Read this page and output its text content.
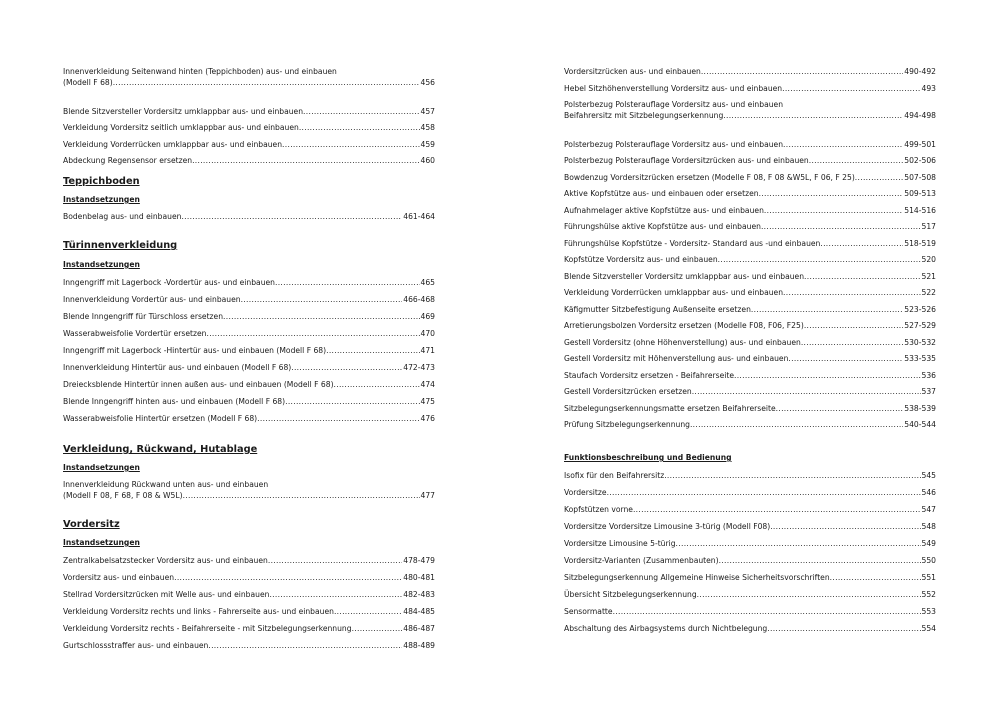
Innenverkleidung Seitenwand hinten (Teppichboden) aus- und einbauen
(Modell F 68) .....	456
Blende Sitzversteller Vordersitz umklappbar aus- und einbauen .....	457
Verkleidung Vordersitz seitlich umklappbar aus- und einbauen .....	458
Verkleidung Vorderrücken umklappbar aus- und einbauen .....	459
Abdeckung Regensensor ersetzen .....	460
Teppichboden
Instandsetzungen
Bodenbelag aus- und einbauen .....	461-464
Türinnenverkleidung
Instandsetzungen
Inngengriff mit Lagerbock -Vordertür aus- und einbauen .....	465
Innenverkleidung Vordertür aus- und einbauen .....	466-468
Blende Inngengriff für Türschloss ersetzen .....	469
Wasserabweisfolie Vordertür ersetzen .....	470
Inngengriff mit Lagerbock -Hintertür aus- und einbauen (Modell F 68) .....	471
Innenverkleidung Hintertür aus- und einbauen (Modell F 68) .....	472-473
Dreiecksblende Hintertür innen außen aus- und einbauen (Modell F 68) .....	474
Blende Inngengriff hinten aus- und einbauen (Modell F 68) .....	475
Wasserabweisfolie Hintertür ersetzen (Modell F 68) .....	476
Verkleidung, Rückwand, Hutablage
Instandsetzungen
Innenverkleidung Rückwand unten aus- und einbauen
(Modell F 08, F 68, F 08 & W5L) .....	477
Vordersitz
Instandsetzungen
Zentralkabelsatzstecker Vordersitz aus- und einbauen .....	478-479
Vordersitz aus- und einbauen .....	480-481
Stellrad Vordersitzrücken mit Welle aus- und einbauen .....	482-483
Verkleidung Vordersitz rechts und links - Fahrerseite aus- und einbauen .....	484-485
Verkleidung Vordersitz rechts - Beifahrerseite - mit Sitzbelegungserkennung .....	486-487
Gurtschlossstraffer aus- und einbauen .....	488-489
Vordersitzrücken aus- und einbauen .....	490-492
Hebel Sitzhöhenverstellung Vordersitz aus- und einbauen .....	493
Polsterbezug Polsterauflage Vordersitz aus- und einbauen
Beifahrersitz mit Sitzbelegungserkennung .....	494-498
Polsterbezug Polsterauflage Vordersitz aus- und einbauen .....	499-501
Polsterbezug Polsterauflage Vordersitzrücken aus- und einbauen .....	502-506
Bowdenzug Vordersitzrücken ersetzen (Modelle F 08, F 08 &W5L, F 06, F 25) .....	507-508
Aktive Kopfstütze aus- und einbauen oder ersetzen .....	509-513
Aufnahmelager aktive Kopfstütze aus- und einbauen .....	514-516
Führungshülse aktive Kopfstütze aus- und einbauen .....	517
Führungshülse Kopfstütze - Vordersitz- Standard aus -und einbauen .....	518-519
Kopfstütze Vordersitz aus- und einbauen .....	520
Blende Sitzversteller Vordersitz umklappbar aus- und einbauen .....	521
Verkleidung Vorderrücken umklappbar aus- und einbauen .....	522
Käfigmutter Sitzbefestigung Außenseite ersetzen .....	523-526
Arretierungsbolzen Vordersitz ersetzen (Modelle F08, F06, F25) .....	527-529
Gestell Vordersitz (ohne Höhenverstellung) aus- und einbauen .....	530-532
Gestell Vordersitz mit Höhenverstellung aus- und einbauen .....	533-535
Staufach Vordersitz ersetzen - Beifahrerseite .....	536
Gestell Vordersitzrücken ersetzen .....	537
Sitzbelegungserkennungsmatte ersetzen Beifahrerseite .....	538-539
Prüfung Sitzbelegungserkennung .....	540-544
Funktionsbeschreibung und Bedienung
Isofix für den Beifahrersitz .....	545
Vordersitze .....	546
Kopfstützen vorne .....	547
Vordersitze Vordersitze Limousine 3-türig (Modell F08) .....	548
Vordersitze Limousine 5-türig .....	549
Vordersitz-Varianten (Zusammenbauten) .....	550
Sitzbelegungserkennung Allgemeine Hinweise Sicherheitsvorschriften .....	551
Übersicht Sitzbelegungserkennung .....	552
Sensormatte .....	553
Abschaltung des Airbagsystems durch Nichtbelegung .....	554
